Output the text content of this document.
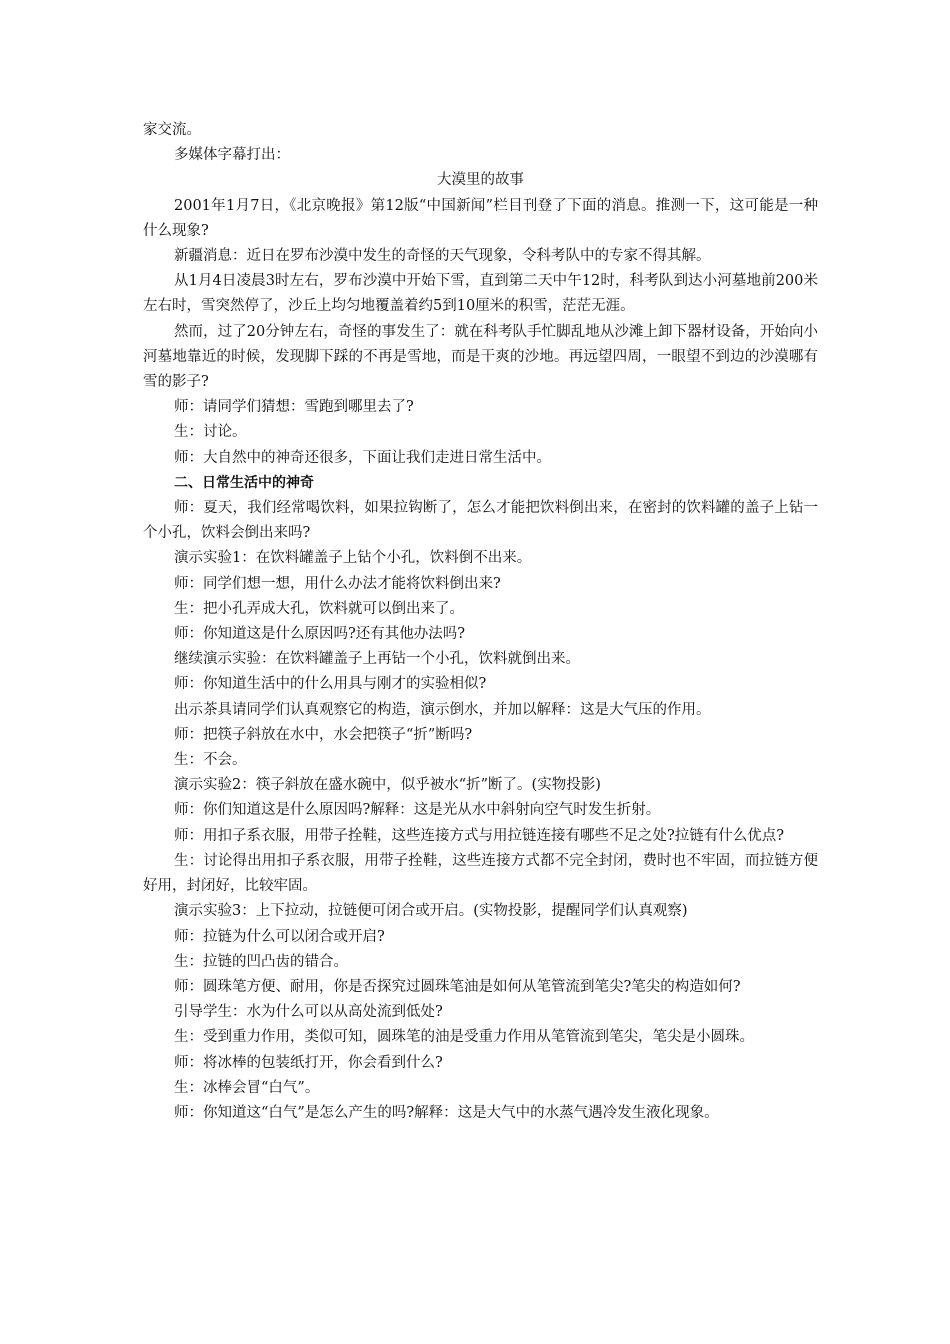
家交流。

多媒体字幕打出：

大漠里的故事

2001年1月7日，《北京晚报》第12版“中国新闻”栏目刊登了下面的消息。推测一下，这可能是一种什么现象?

新疆消息：近日在罗布沙漠中发生的奇怪的天气现象，令科考队中的专家不得其解。

从1月4日凌晨3时左右，罗布沙漠中开始下雪，直到第二天中午12时，科考队到达小河墓地前200米左右时，雪突然停了，沙丘上均匀地覆盖着约5到10厘米的积雪，茫茫无涯。

然而，过了20分钟左右，奇怪的事发生了：就在科考队手忙脚乱地从沙滩上卸下器材设备，开始向小河墓地靠近的时候，发现脚下踩的不再是雪地，而是干爽的沙地。再远望四周，一眼望不到边的沙漠哪有雪的影子?

师：请同学们猜想：雪跑到哪里去了?

生：讨论。

师：大自然中的神奇还很多，下面让我们走进日常生活中。

二、日常生活中的神奇

师：夏天，我们经常喝饮料，如果拉钩断了，怎么才能把饮料倒出来，在密封的饮料罐的盖子上钻一个小孔，饮料会倒出来吗?

演示实验1：在饮料罐盖子上钻个小孔，饮料倒不出来。

师：同学们想一想，用什么办法才能将饮料倒出来?

生：把小孔弄成大孔，饮料就可以倒出来了。

师：你知道这是什么原因吗?还有其他办法吗?

继续演示实验：在饮料罐盖子上再钻一个小孔，饮料就倒出来。

师：你知道生活中的什么用具与刚才的实验相似?

出示茶具请同学们认真观察它的构造，演示倒水，并加以解释：这是大气压的作用。

师：把筷子斜放在水中，水会把筷子“折”断吗?

生：不会。

演示实验2：筷子斜放在盛水碗中，似乎被水“折”断了。(实物投影)

师：你们知道这是什么原因吗?解释：这是光从水中斜射向空气时发生折射。

师：用扣子系衣服，用带子拴鞋，这些连接方式与用拉链连接有哪些不足之处?拉链有什么优点?

生：讨论得出用扣子系衣服，用带子拴鞋，这些连接方式都不完全封闭，费时也不牢固，而拉链方便好用，封闭好，比较牢固。

演示实验3：上下拉动，拉链便可闭合或开启。(实物投影，提醒同学们认真观察)

师：拉链为什么可以闭合或开启?

生：拉链的凹凸齿的错合。

师：圆珠笔方便、耐用，你是否探究过圆珠笔油是如何从笔管流到笔尖?笔尖的构造如何?

引导学生：水为什么可以从高处流到低处?

生：受到重力作用，类似可知，圆珠笔的油是受重力作用从笔管流到笔尖，笔尖是小圆珠。

师：将冰棒的包装纸打开，你会看到什么?

生：冰棒会冒“白气”。

师：你知道这“白气”是怎么产生的吗?解释：这是大气中的水蒸气遇冷发生液化现象。
